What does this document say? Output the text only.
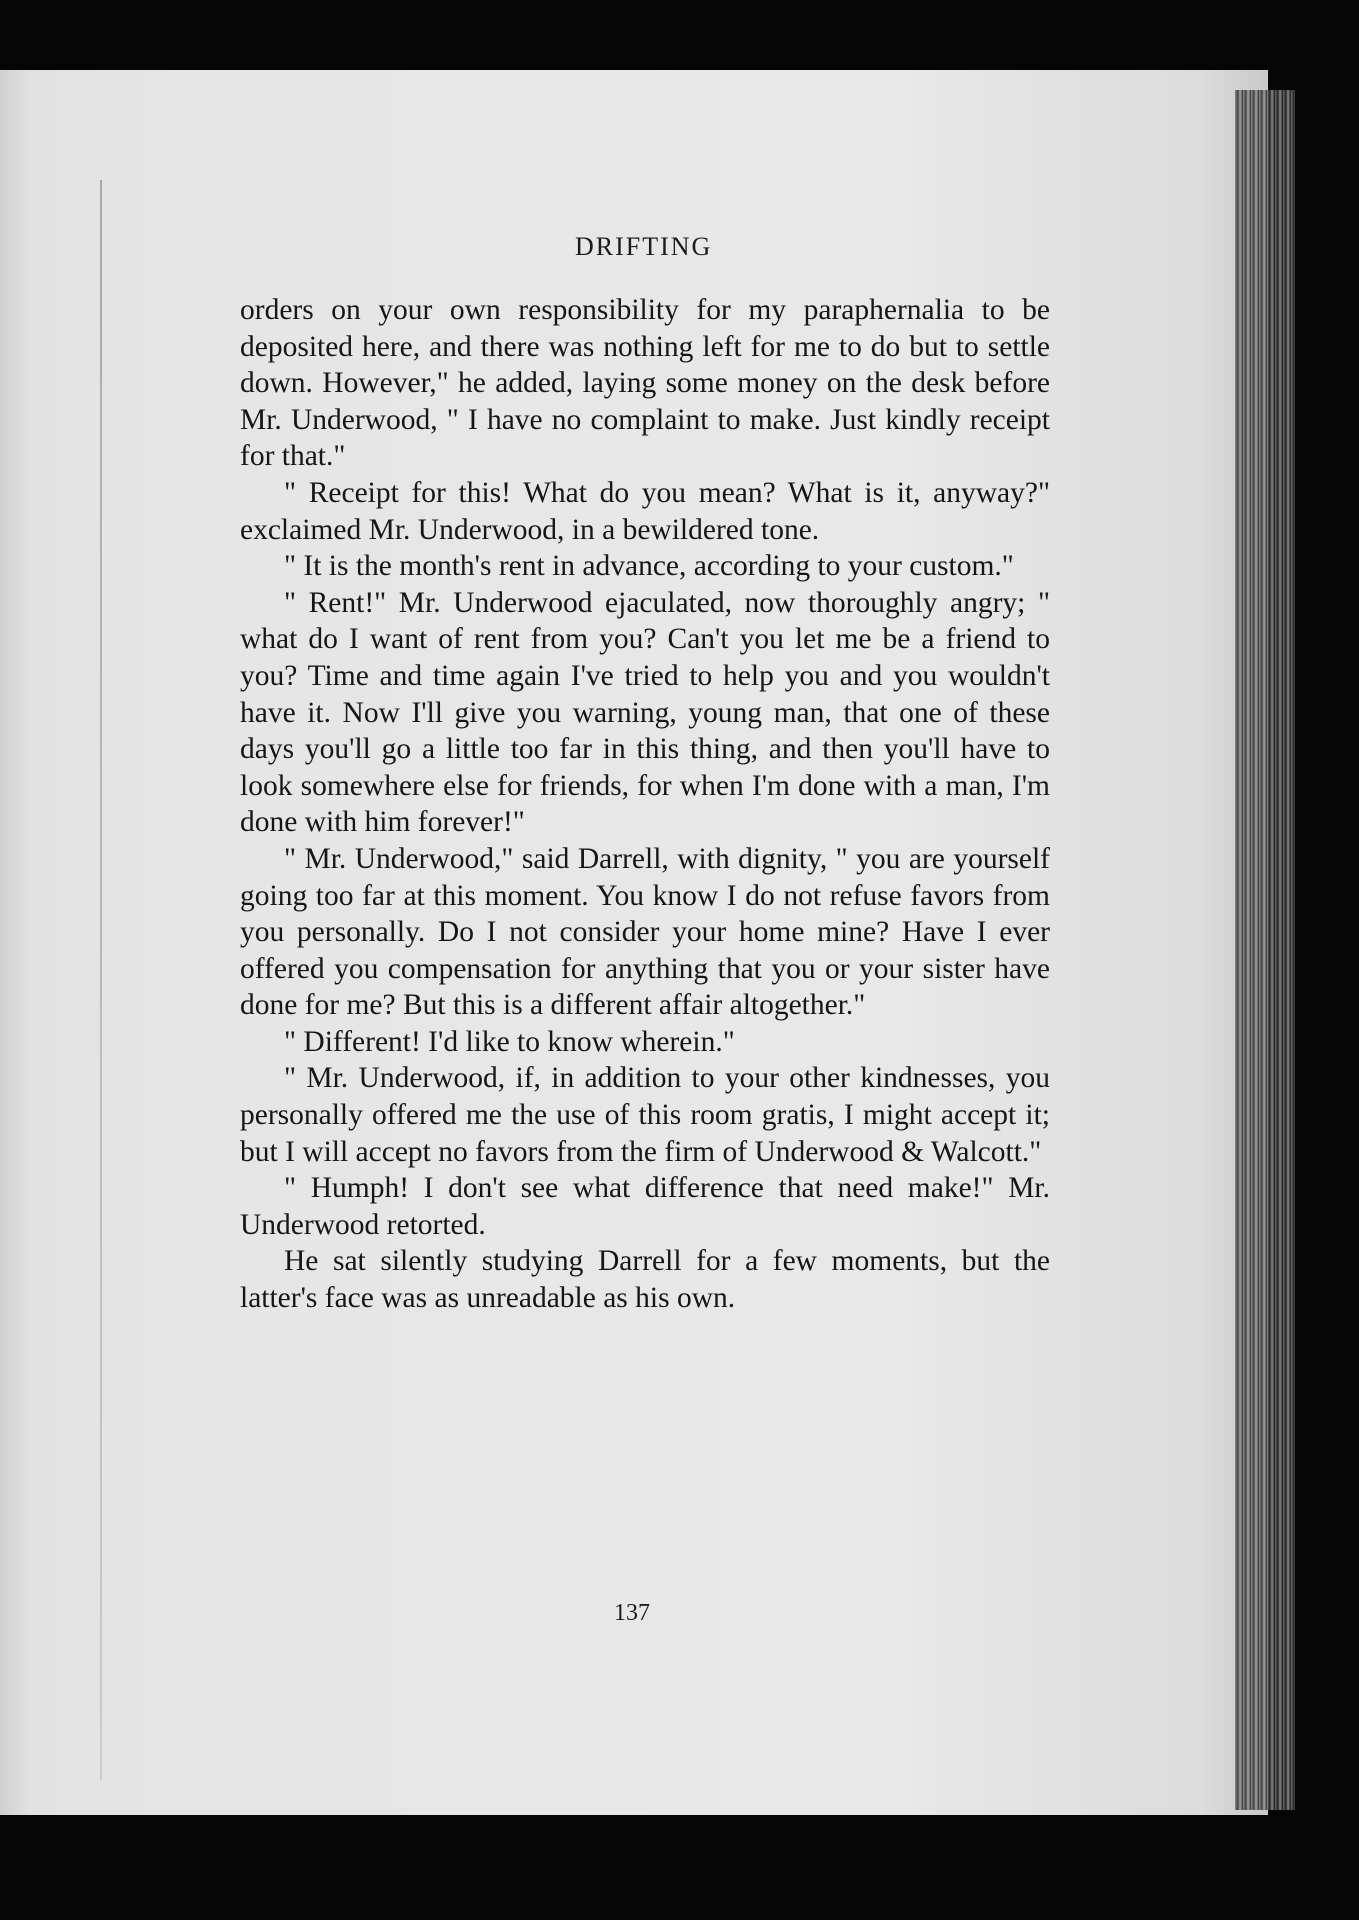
DRIFTING

orders on your own responsibility for my paraphernalia to be deposited here, and there was nothing left for me to do but to settle down. However," he added, laying some money on the desk before Mr. Underwood, " I have no complaint to make. Just kindly receipt for that."

" Receipt for this! What do you mean? What is it, anyway?" exclaimed Mr. Underwood, in a bewildered tone.

" It is the month's rent in advance, according to your custom."

" Rent!" Mr. Underwood ejaculated, now thoroughly angry; " what do I want of rent from you? Can't you let me be a friend to you? Time and time again I've tried to help you and you wouldn't have it. Now I'll give you warning, young man, that one of these days you'll go a little too far in this thing, and then you'll have to look somewhere else for friends, for when I'm done with a man, I'm done with him forever!"

" Mr. Underwood," said Darrell, with dignity, " you are yourself going too far at this moment. You know I do not refuse favors from you personally. Do I not consider your home mine? Have I ever offered you compensation for anything that you or your sister have done for me? But this is a different affair altogether."

" Different! I'd like to know wherein."

" Mr. Underwood, if, in addition to your other kindnesses, you personally offered me the use of this room gratis, I might accept it; but I will accept no favors from the firm of Underwood & Walcott."

" Humph! I don't see what difference that need make!" Mr. Underwood retorted.

He sat silently studying Darrell for a few moments, but the latter's face was as unreadable as his own.

137
